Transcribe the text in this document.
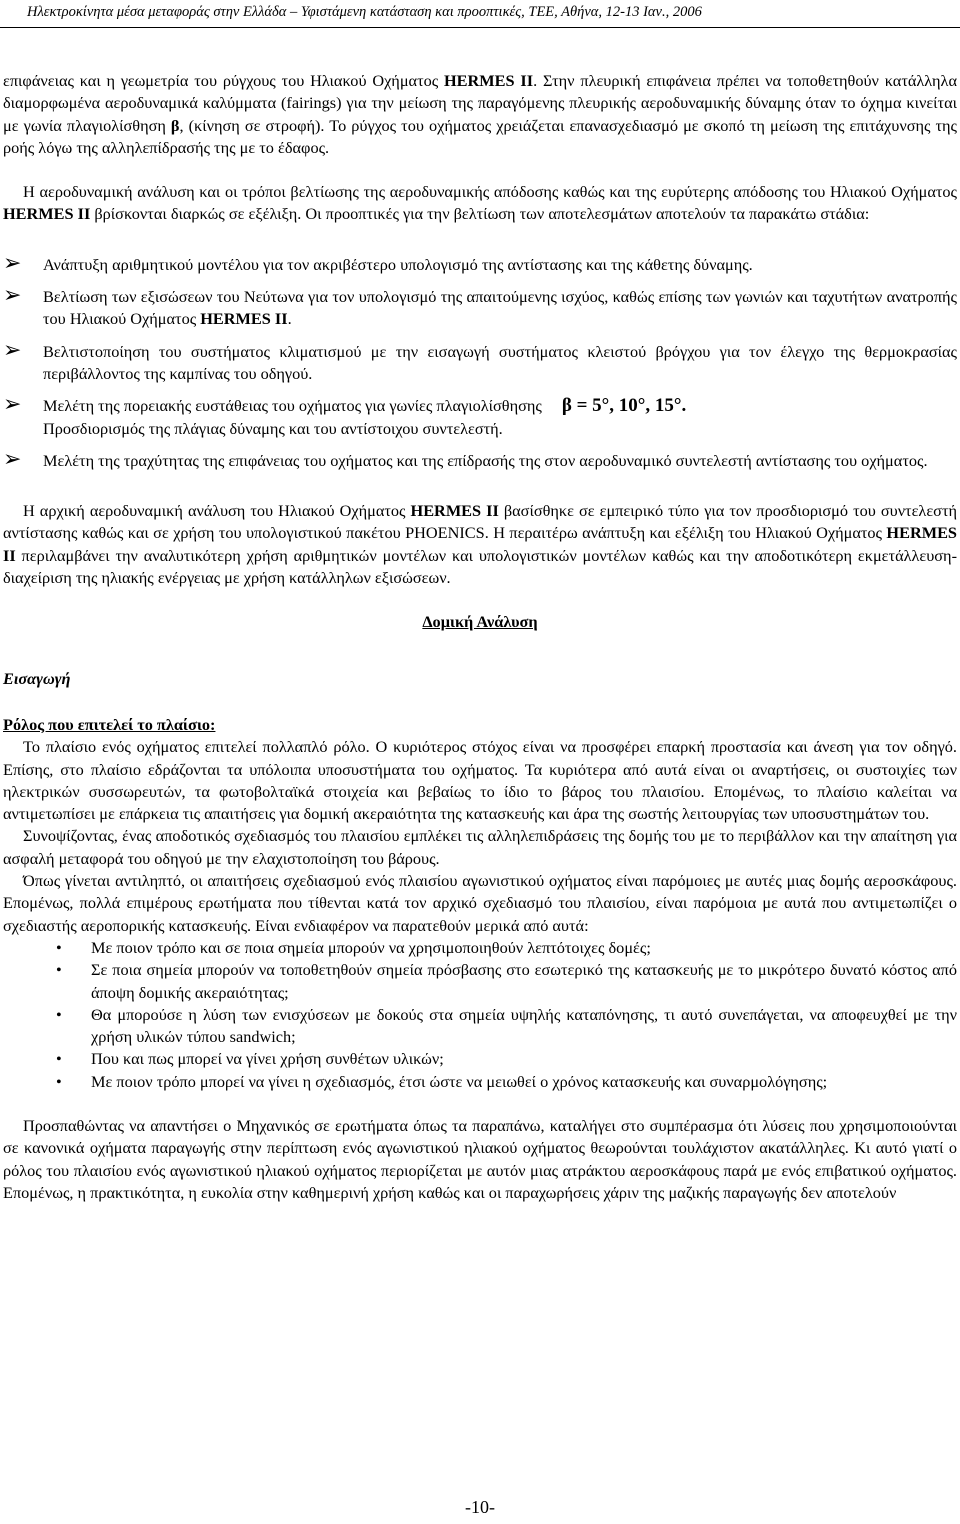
Ηλεκτροκίνητα μέσα μεταφοράς στην Ελλάδα – Υφιστάμενη κατάσταση και προοπτικές, ΤΕΕ, Αθήνα, 12-13 Ιαν., 2006

επιφάνειας και η γεωμετρία του ρύγχους του Ηλιακού Οχήματος HERMES II. Στην πλευρική επιφάνεια πρέπει να τοποθετηθούν κατάλληλα διαμορφωμένα αεροδυναμικά καλύμματα (fairings) για την μείωση της παραγόμενης πλευρικής αεροδυναμικής δύναμης όταν το όχημα κινείται με γωνία πλαγιολίσθηση β, (κίνηση σε στροφή). Το ρύγχος του οχήματος χρειάζεται επανασχεδιασμό με σκοπό τη μείωση της επιτάχυνσης της ροής λόγω της αλληλεπίδρασής της με το έδαφος.

Η αεροδυναμική ανάλυση και οι τρόποι βελτίωσης της αεροδυναμικής απόδοσης καθώς και της ευρύτερης απόδοσης του Ηλιακού Οχήματος HERMES II βρίσκονται διαρκώς σε εξέλιξη. Οι προοπτικές για την βελτίωση των αποτελεσμάτων αποτελούν τα παρακάτω στάδια:

➢ Ανάπτυξη αριθμητικού μοντέλου για τον ακριβέστερο υπολογισμό της αντίστασης και της κάθετης δύναμης.
➢ Βελτίωση των εξισώσεων του Νεύτωνα για τον υπολογισμό της απαιτούμενης ισχύος, καθώς επίσης των γωνιών και ταχυτήτων ανατροπής του Ηλιακού Οχήματος HERMES II.
➢ Βελτιστοποίηση του συστήματος κλιματισμού με την εισαγωγή συστήματος κλειστού βρόγχου για τον έλεγχο της θερμοκρασίας περιβάλλοντος της καμπίνας του οδηγού.
➢ Μελέτη της πορειακής ευστάθειας του οχήματος για γωνίες πλαγιολίσθησης β = 5°, 10°, 15°.
Προσδιορισμός της πλάγιας δύναμης και του αντίστοιχου συντελεστή.
➢ Μελέτη της τραχύτητας της επιφάνειας του οχήματος και της επίδρασής της στον αεροδυναμικό συντελεστή αντίστασης του οχήματος.

Η αρχική αεροδυναμική ανάλυση του Ηλιακού Οχήματος HERMES II βασίσθηκε σε εμπειρικό τύπο για τον προσδιορισμό του συντελεστή αντίστασης καθώς και σε χρήση του υπολογιστικού πακέτου PHOENICS. Η περαιτέρω ανάπτυξη και εξέλιξη του Ηλιακού Οχήματος HERMES II περιλαμβάνει την αναλυτικότερη χρήση αριθμητικών μοντέλων και υπολογιστικών μοντέλων καθώς και την αποδοτικότερη εκμετάλλευση-διαχείριση της ηλιακής ενέργειας με χρήση κατάλληλων εξισώσεων.

Δομική Ανάλυση

Εισαγωγή

Ρόλος που επιτελεί το πλαίσιο:

Το πλαίσιο ενός οχήματος επιτελεί πολλαπλό ρόλο. Ο κυριότερος στόχος είναι να προσφέρει επαρκή προστασία και άνεση για τον οδηγό. Επίσης, στο πλαίσιο εδράζονται τα υπόλοιπα υποσυστήματα του οχήματος. Τα κυριότερα από αυτά είναι οι αναρτήσεις, οι συστοιχίες των ηλεκτρικών συσσωρευτών, τα φωτοβολταϊκά στοιχεία και βεβαίως το ίδιο το βάρος του πλαισίου. Επομένως, το πλαίσιο καλείται να αντιμετωπίσει με επάρκεια τις απαιτήσεις για δομική ακεραιότητα της κατασκευής και άρα της σωστής λειτουργίας των υποσυστημάτων του.

Συνοψίζοντας, ένας αποδοτικός σχεδιασμός του πλαισίου εμπλέκει τις αλληλεπιδράσεις της δομής του με το περιβάλλον και την απαίτηση για ασφαλή μεταφορά του οδηγού με την ελαχιστοποίηση του βάρους.

Όπως γίνεται αντιληπτό, οι απαιτήσεις σχεδιασμού ενός πλαισίου αγωνιστικού οχήματος είναι παρόμοιες με αυτές μιας δομής αεροσκάφους. Επομένως, πολλά επιμέρους ερωτήματα που τίθενται κατά τον αρχικό σχεδιασμό του πλαισίου, είναι παρόμοια με αυτά που αντιμετωπίζει ο σχεδιαστής αεροπορικής κατασκευής. Είναι ενδιαφέρον να παρατεθούν μερικά από αυτά:

• Με ποιον τρόπο και σε ποια σημεία μπορούν να χρησιμοποιηθούν λεπτότοιχες δομές;
• Σε ποια σημεία μπορούν να τοποθετηθούν σημεία πρόσβασης στο εσωτερικό της κατασκευής με το μικρότερο δυνατό κόστος από άποψη δομικής ακεραιότητας;
• Θα μπορούσε η λύση των ενισχύσεων με δοκούς στα σημεία υψηλής καταπόνησης, τι αυτό συνεπάγεται, να αποφευχθεί με την χρήση υλικών τύπου sandwich;
• Που και πως μπορεί να γίνει χρήση συνθέτων υλικών;
• Με ποιον τρόπο μπορεί να γίνει η σχεδιασμός, έτσι ώστε να μειωθεί ο χρόνος κατασκευής και συναρμολόγησης;

Προσπαθώντας να απαντήσει ο Μηχανικός σε ερωτήματα όπως τα παραπάνω, καταλήγει στο συμπέρασμα ότι λύσεις που χρησιμοποιούνται σε κανονικά οχήματα παραγωγής στην περίπτωση ενός αγωνιστικού ηλιακού οχήματος θεωρούνται τουλάχιστον ακατάλληλες. Κι αυτό γιατί ο ρόλος του πλαισίου ενός αγωνιστικού ηλιακού οχήματος περιορίζεται με αυτόν μιας ατράκτου αεροσκάφους παρά με ενός επιβατικού οχήματος. Επομένως, η πρακτικότητα, η ευκολία στην καθημερινή χρήση καθώς και οι παραχωρήσεις χάριν της μαζικής παραγωγής δεν αποτελούν

-10-
